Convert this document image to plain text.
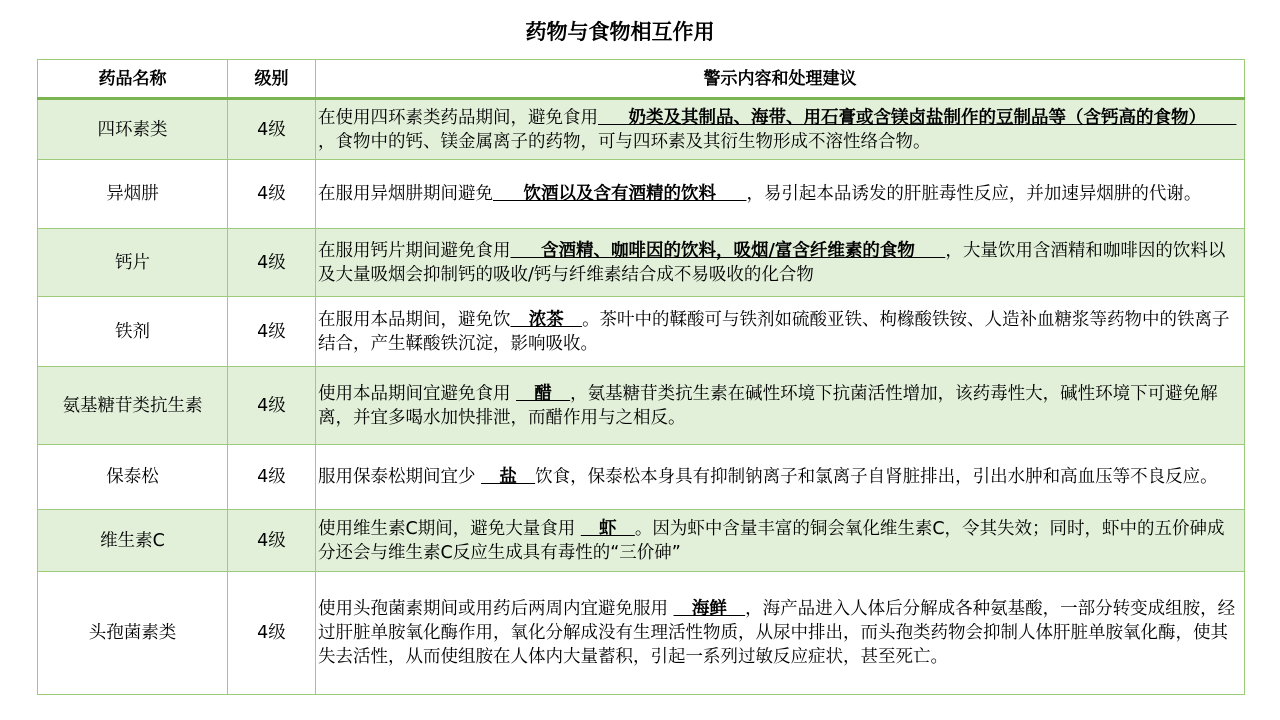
药物与食物相互作用
药品名称	级别	警示内容和处理建议
四环素类	4级	在使用四环素类药品期间，避免食用     奶类及其制品、海带、用石膏或含镁卤盐制作的豆制品等（含钙高的食物）     ，食物中的钙、镁金属离子的药物，可与四环素及其衍生物形成不溶性络合物。
异烟肼	4级	在服用异烟肼期间避免     饮酒以及含有酒精的饮料     ，易引起本品诱发的肝脏毒性反应，并加速异烟肼的代谢。
钙片	4级	在服用钙片期间避免食用     含酒精、咖啡因的饮料，吸烟/富含纤维素的食物     ，大量饮用含酒精和咖啡因的饮料以及大量吸烟会抑制钙的吸收/钙与纤维素结合成不易吸收的化合物
铁剂	4级	在服用本品期间，避免饮   浓茶   。茶叶中的鞣酸可与铁剂如硫酸亚铁、枸橼酸铁铵、人造补血糖浆等药物中的铁离子结合，产生鞣酸铁沉淀，影响吸收。
氨基糖苷类抗生素	4级	使用本品期间宜避免食用    醋   ，氨基糖苷类抗生素在碱性环境下抗菌活性增加，该药毒性大，碱性环境下可避免解离，并宜多喝水加快排泄，而醋作用与之相反。
保泰松	4级	服用保泰松期间宜少    盐   饮食，保泰松本身具有抑制钠离子和氯离子自肾脏排出，引出水肿和高血压等不良反应。
维生素C	4级	使用维生素C期间，避免大量食用    虾   。因为虾中含量丰富的铜会氧化维生素C，令其失效；同时，虾中的五价砷成分还会与维生素C反应生成具有毒性的“三价砷”
头孢菌素类	4级	使用头孢菌素期间或用药后两周内宜避免服用    海鲜   ，海产品进入人体后分解成各种氨基酸，一部分转变成组胺，经过肝脏单胺氧化酶作用，氧化分解成没有生理活性物质，从尿中排出，而头孢类药物会抑制人体肝脏单胺氧化酶，使其失去活性，从而使组胺在人体内大量蓄积，引起一系列过敏反应症状，甚至死亡。
